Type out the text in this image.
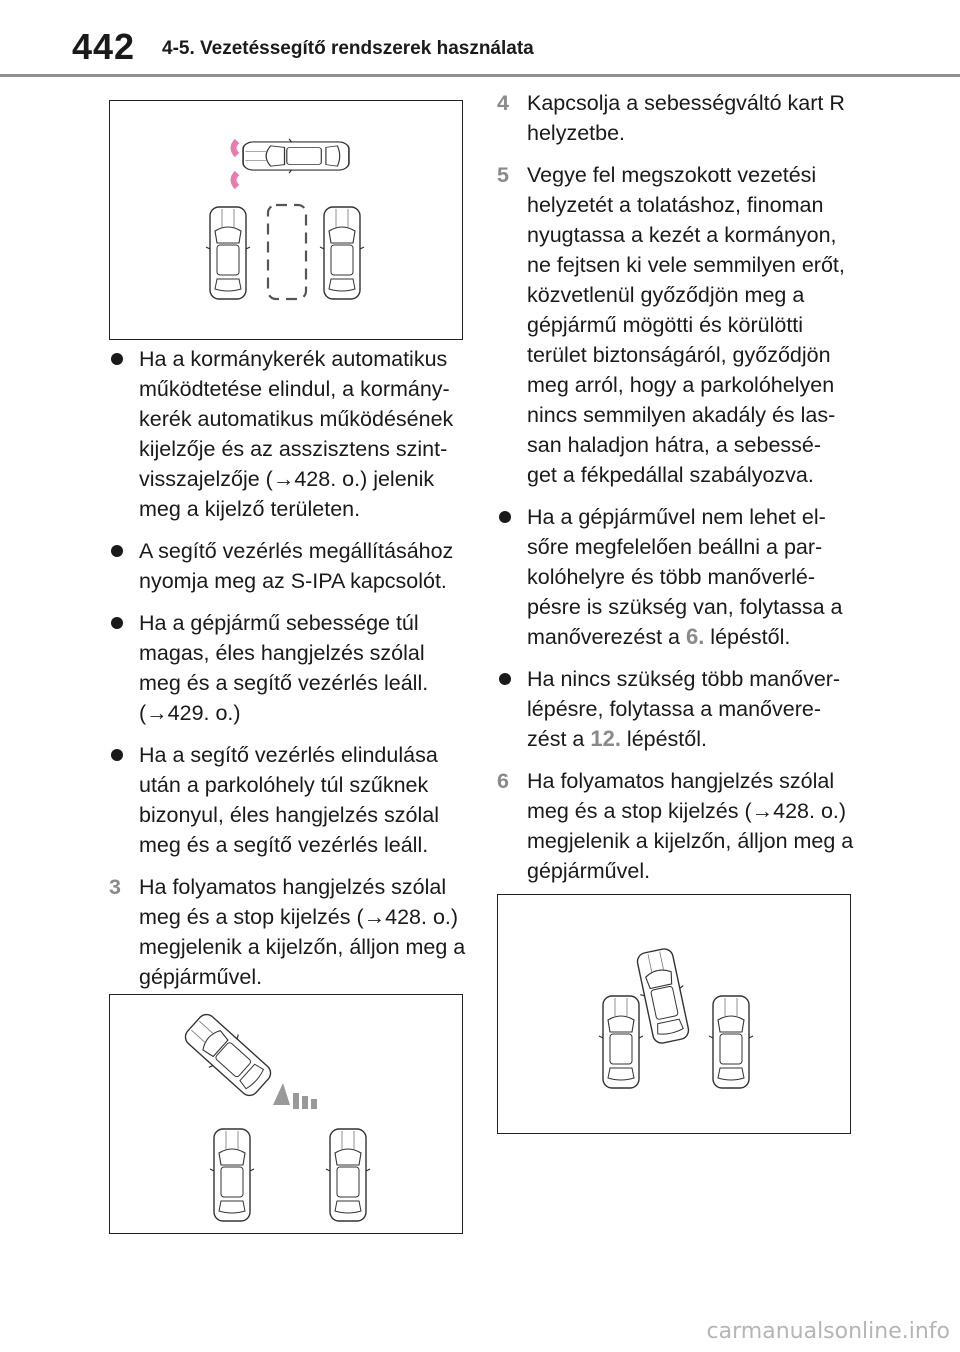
442 4-5. Vezetéssegítő rendszerek használata
Ha a kormánykerék automatikus működtetése elindul, a kormány- kerék automatikus működésének kijelzője és az asszisztens szint- visszajelzője (→428. o.) jelenik meg a kijelző területen.
A segítő vezérlés megállításához nyomja meg az S-IPA kapcsolót.
Ha a gépjármű sebessége túl magas, éles hangjelzés szólal meg és a segítő vezérlés leáll. (→429. o.)
Ha a segítő vezérlés elindulása után a parkolóhely túl szűknek bizonyul, éles hangjelzés szólal meg és a segítő vezérlés leáll.
3 Ha folyamatos hangjelzés szólal meg és a stop kijelzés (→428. o.) megjelenik a kijelzőn, álljon meg a gépjárművel.
4 Kapcsolja a sebességváltó kart R helyzetbe.
5 Vegye fel megszokott vezetési helyzetét a tolatáshoz, finoman nyugtassa a kezét a kormányon, ne fejtsen ki vele semmilyen erőt, közvetlenül győződjön meg a gépjármű mögötti és körülötti terület biztonságáról, győződjön meg arról, hogy a parkolóhelyen nincs semmilyen akadály és las- san haladjon hátra, a sebessé- get a fékpedállal szabályozva.
Ha a gépjárművel nem lehet el- sőre megfelelően beállni a par- kolóhelyre és több manőverlé- pésre is szükség van, folytassa a manőverezést a 6. lépéstől.
Ha nincs szükség több manőver- lépésre, folytassa a manővere- zést a 12. lépéstől.
6 Ha folyamatos hangjelzés szólal meg és a stop kijelzés (→428. o.) megjelenik a kijelzőn, álljon meg a gépjárművel.
carmanualsonline.info
